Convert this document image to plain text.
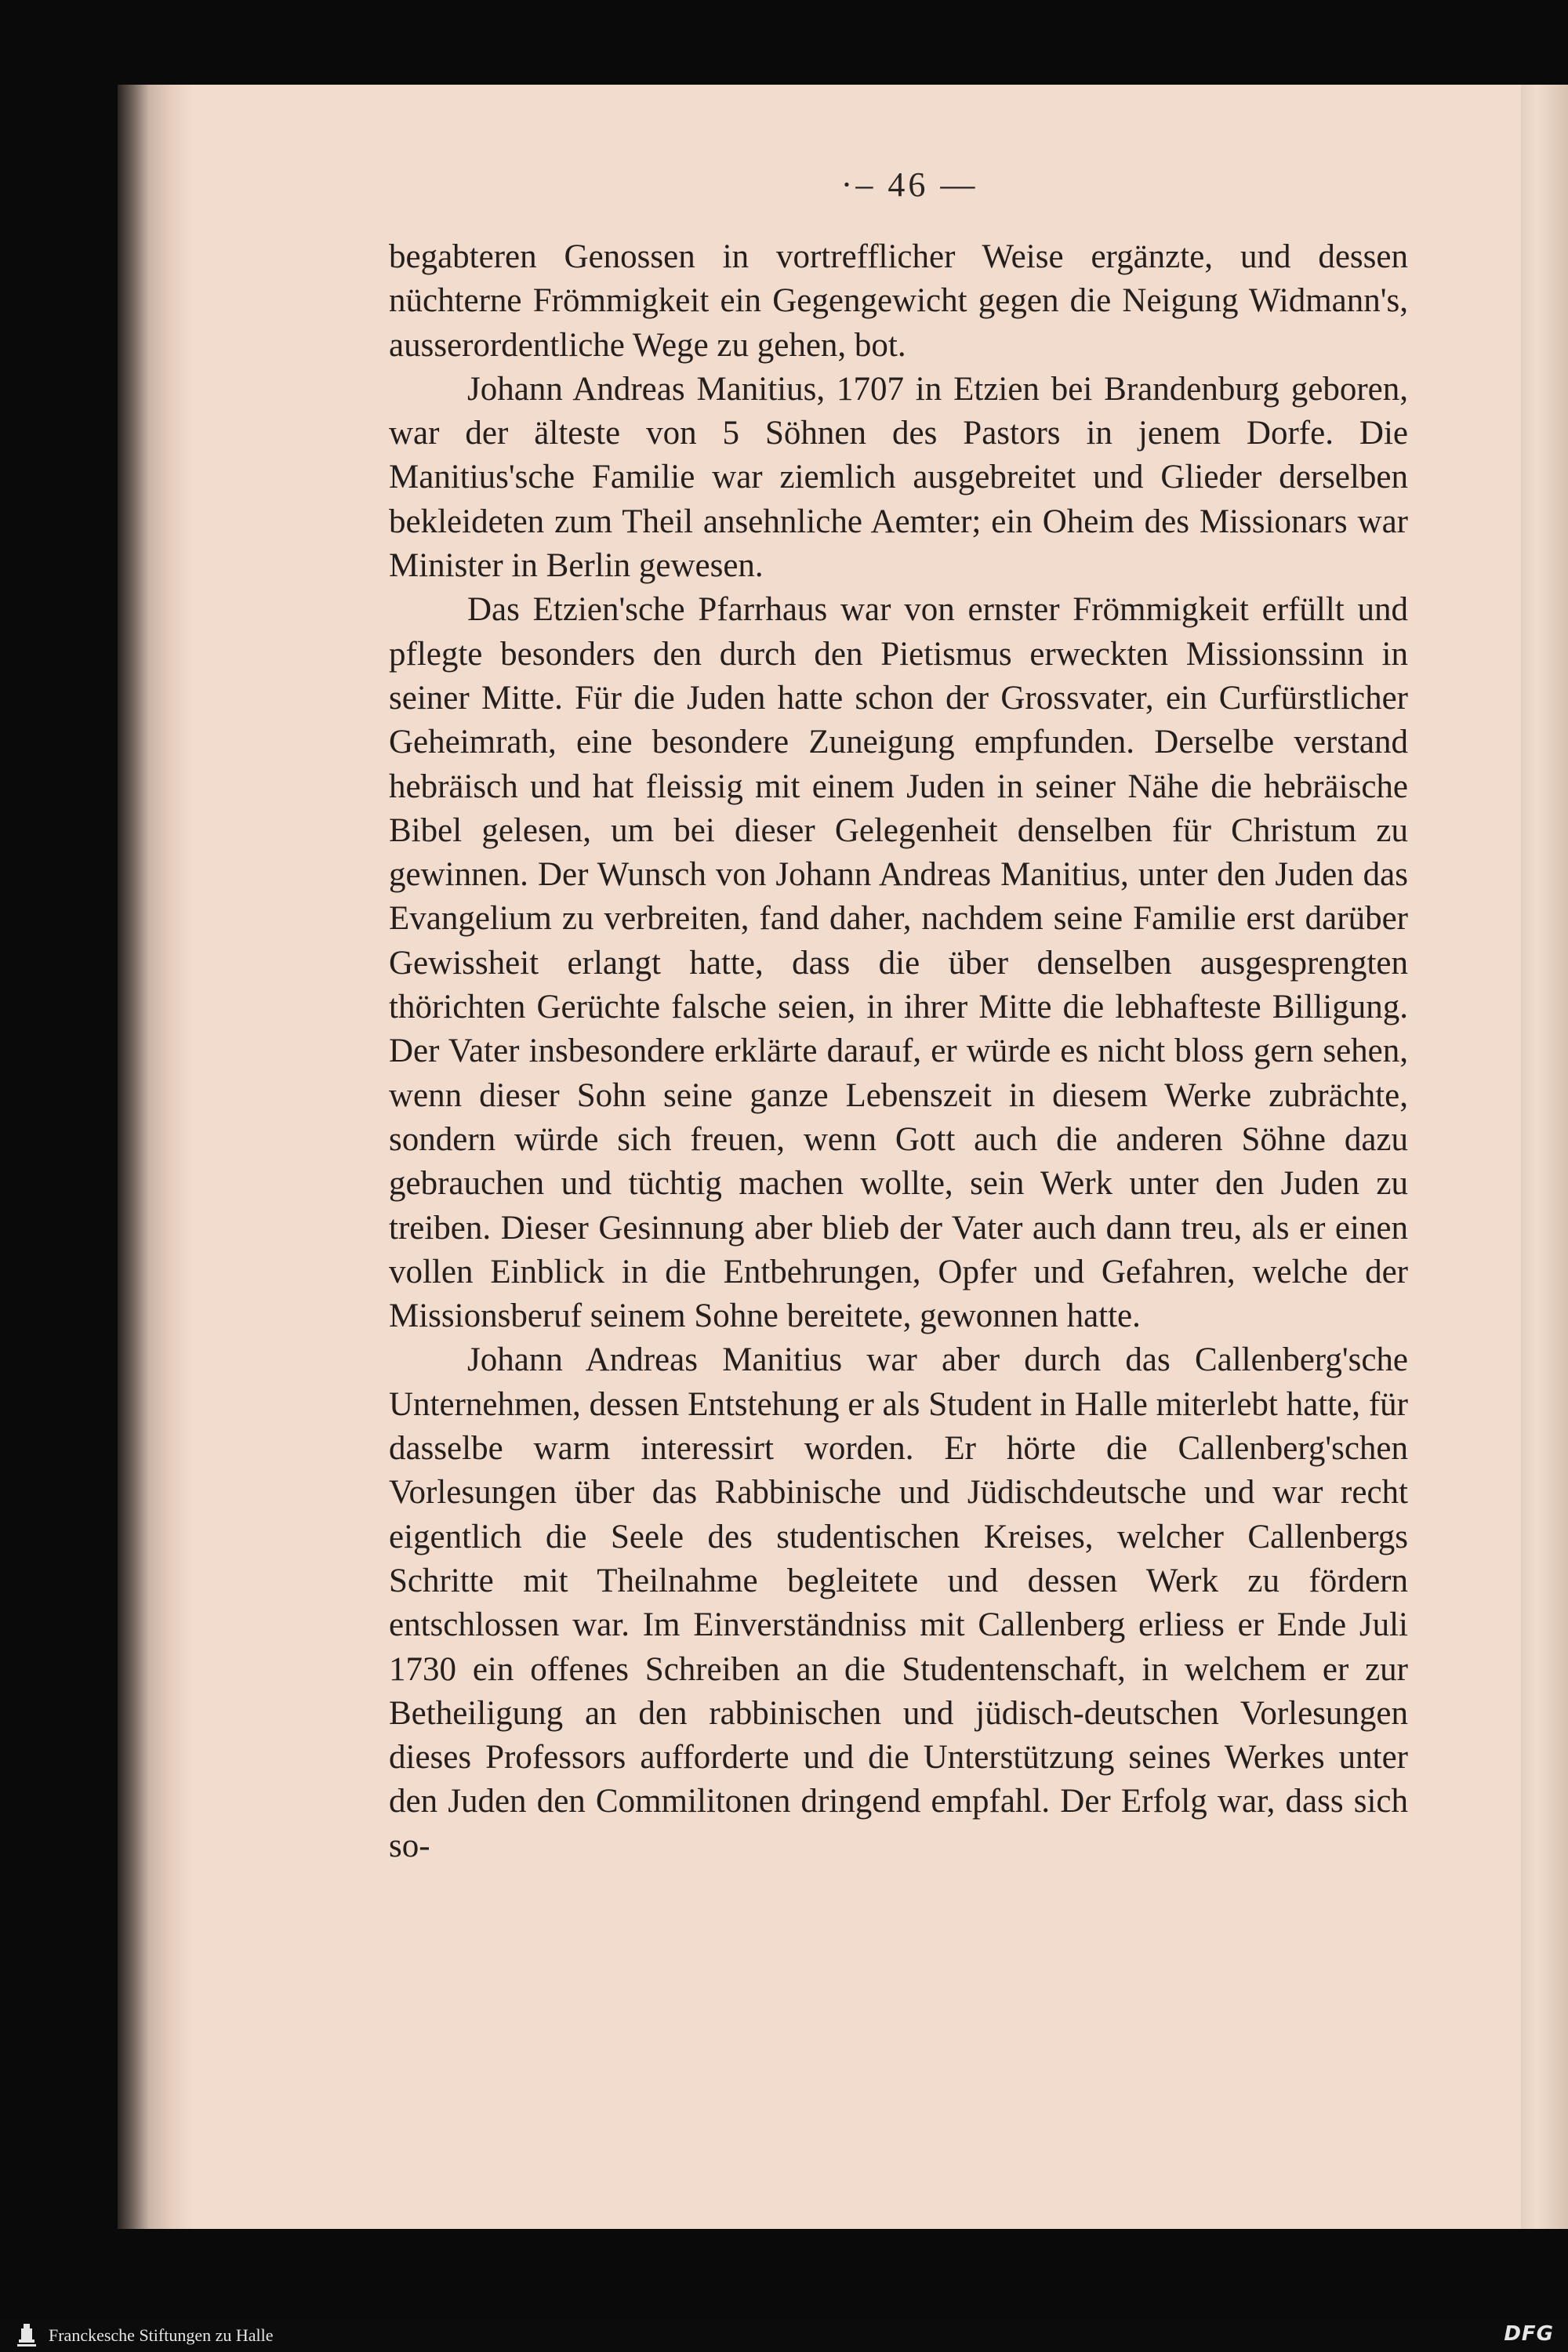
·– 46 —

begabteren Genossen in vortrefflicher Weise ergänzte, und dessen nüchterne Frömmigkeit ein Gegengewicht gegen die Neigung Widmann's, ausserordentliche Wege zu gehen, bot.

Johann Andreas Manitius, 1707 in Etzien bei Brandenburg geboren, war der älteste von 5 Söhnen des Pastors in jenem Dorfe. Die Manitius'sche Familie war ziemlich ausgebreitet und Glieder derselben bekleideten zum Theil ansehnliche Aemter; ein Oheim des Missionars war Minister in Berlin gewesen.

Das Etzien'sche Pfarrhaus war von ernster Frömmigkeit erfüllt und pflegte besonders den durch den Pietismus erweckten Missionssinn in seiner Mitte. Für die Juden hatte schon der Grossvater, ein Curfürstlicher Geheimrath, eine besondere Zuneigung empfunden. Derselbe verstand hebräisch und hat fleissig mit einem Juden in seiner Nähe die hebräische Bibel gelesen, um bei dieser Gelegenheit denselben für Christum zu gewinnen. Der Wunsch von Johann Andreas Manitius, unter den Juden das Evangelium zu verbreiten, fand daher, nachdem seine Familie erst darüber Gewissheit erlangt hatte, dass die über denselben ausgesprengten thörichten Gerüchte falsche seien, in ihrer Mitte die lebhafteste Billigung. Der Vater insbesondere erklärte darauf, er würde es nicht bloss gern sehen, wenn dieser Sohn seine ganze Lebenszeit in diesem Werke zubrächte, sondern würde sich freuen, wenn Gott auch die anderen Söhne dazu gebrauchen und tüchtig machen wollte, sein Werk unter den Juden zu treiben. Dieser Gesinnung aber blieb der Vater auch dann treu, als er einen vollen Einblick in die Entbehrungen, Opfer und Gefahren, welche der Missionsberuf seinem Sohne bereitete, gewonnen hatte.

Johann Andreas Manitius war aber durch das Callenberg'sche Unternehmen, dessen Entstehung er als Student in Halle miterlebt hatte, für dasselbe warm interessirt worden. Er hörte die Callenberg'schen Vorlesungen über das Rabbinische und Jüdischdeutsche und war recht eigentlich die Seele des studentischen Kreises, welcher Callenbergs Schritte mit Theilnahme begleitete und dessen Werk zu fördern entschlossen war. Im Einverständniss mit Callenberg erliess er Ende Juli 1730 ein offenes Schreiben an die Studentenschaft, in welchem er zur Betheiligung an den rabbinischen und jüdisch-deutschen Vorlesungen dieses Professors aufforderte und die Unterstützung seines Werkes unter den Juden den Commilitonen dringend empfahl. Der Erfolg war, dass sich so-

Franckesche Stiftungen zu Halle	DFG
